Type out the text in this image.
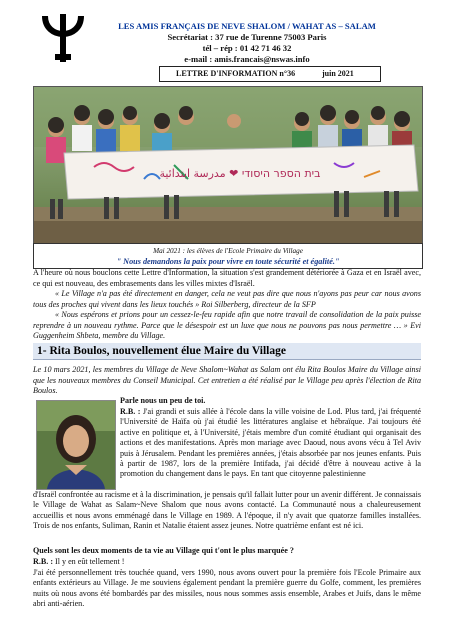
LES AMIS FRANÇAIS DE NEVE SHALOM / WAHAT AS – SALAM
Secrétariat : 37 rue de Turenne 75003 Paris
tél – rép : 01 42 71 46 32
e-mail : amis.francais@nswas.info
LETTRE D'INFORMATION n°36	juin 2021
בית הספר היסודי ❤ مدرسة ابتدائية
Mai 2021 : les élèves de l'Ecole Primaire du Village
" Nous demandons la paix pour vivre en toute sécurité et égalité."
A l'heure où nous bouclons cette Lettre d'Information, la situation s'est grandement détériorée à Gaza et en Israël avec, ce qui est nouveau, des embrasements dans les villes mixtes d'Israël.
« Le Village n'a pas été directement en danger, cela ne veut pas dire que nous n'ayons pas peur car nous avons tous des proches qui vivent dans les lieux touchés » Roi Silberberg, directeur de la SFP
« Nous espérons et prions pour un cessez-le-feu rapide afin que notre travail de consolidation de la paix puisse reprendre à un nouveau rythme. Parce que le désespoir est un luxe que nous ne pouvons pas nous permettre … » Evi Guggenheim Shbeta, membre du Village.
1- Rita Boulos, nouvellement élue Maire du Village
Le 10 mars 2021, les membres du Village de Neve Shalom~Wahat as Salam ont élu Rita Boulos Maire du Village ainsi que les nouveaux membres du Conseil Municipal. Cet entretien a été réalisé par le Village peu après l'élection de Rita Boulos.
Parle nous un peu de toi.
R.B. : J'ai grandi et suis allée à l'école dans la ville voisine de Lod. Plus tard, j'ai fréquenté l'Université de Haïfa où j'ai étudié les littératures anglaise et hébraïque. J'ai toujours été active en politique et, à l'Université, j'étais membre d'un comité étudiant qui organisait des actions et des manifestations. Après mon mariage avec Daoud, nous avons vécu à Tel Aviv puis à Jérusalem. Pendant les premières années, j'étais absorbée par nos jeunes enfants. Puis à partir de 1987, lors de la première Intifada, j'ai décidé d'être à nouveau active à la promotion du changement dans le pays. En tant que citoyenne palestinienne
d'Israël confrontée au racisme et à la discrimination, je pensais qu'il fallait lutter pour un avenir différent. Je connaissais le Village de Wahat as Salam~Neve Shalom que nous avons contacté. La Communauté nous a chaleureusement accueillis et nous avons emménagé dans le Village en 1989. A l'époque, il n'y avait que quatorze familles installées. Trois de nos enfants, Suliman, Ranin et Natalie étaient assez jeunes. Notre quatrième enfant est né ici.
Quels sont les deux moments de ta vie au Village qui t'ont le plus marquée ?
R.B. : Il y en eût tellement !
J'ai été personnellement très touchée quand, vers 1990, nous avons ouvert pour la première fois l'Ecole Primaire aux enfants extérieurs au Village. Je me souviens également pendant la première guerre du Golfe, comment, les premières nuits où nous avons été bombardés par des missiles, nous nous sommes assis ensemble, Arabes et Juifs, dans le même abri anti-aérien.
